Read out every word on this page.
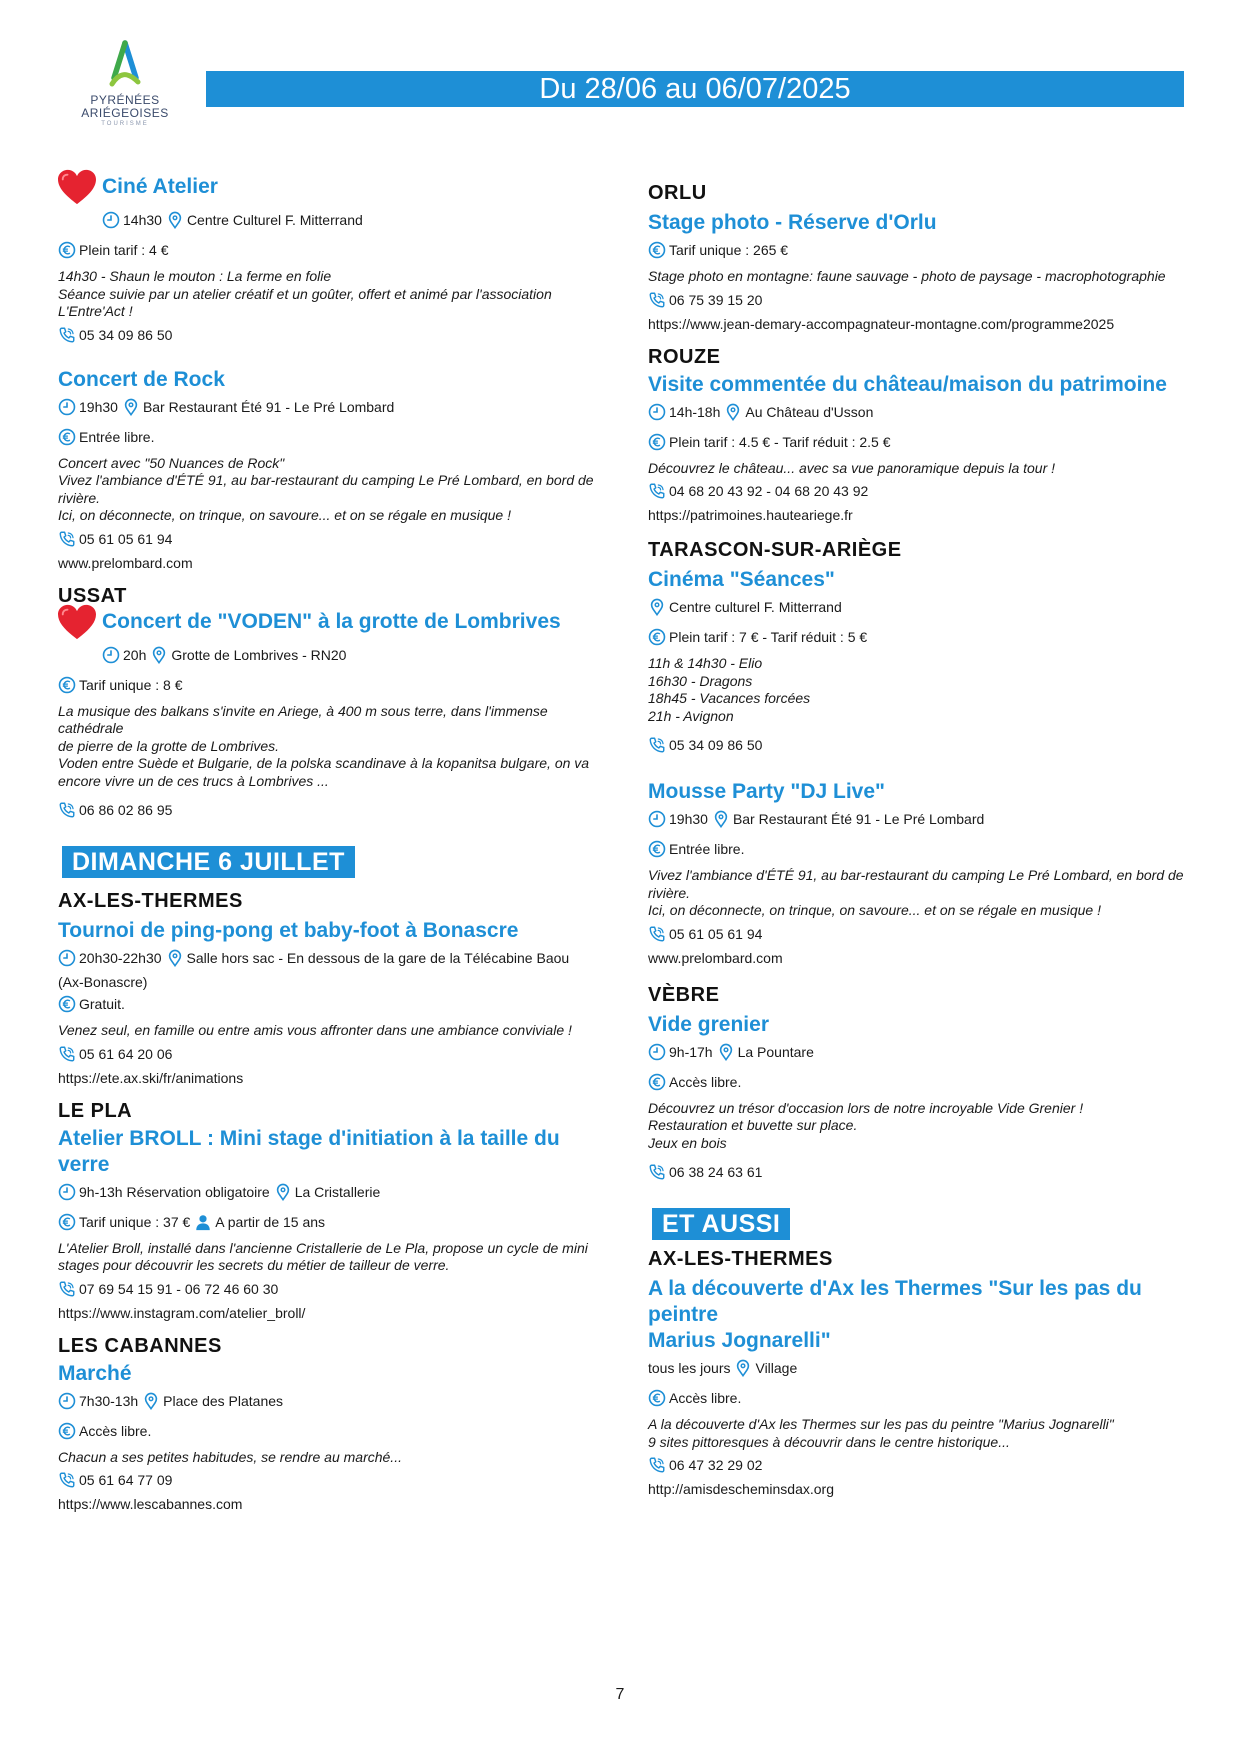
PYRÉNÉES
ARIÉGEOISES
TOURISME
Du 28/06 au 06/07/2025
Ciné Atelier
14h30 Centre Culturel F. Mitterrand
Plein tarif : 4 €
14h30 - Shaun le mouton : La ferme en folie
Séance suivie par un atelier créatif et un goûter, offert et animé par l'association
L'Entre'Act !
05 34 09 86 50
Concert de Rock
19h30 Bar Restaurant Été 91 - Le Pré Lombard
Entrée libre.
Concert avec "50 Nuances de Rock"
Vivez l'ambiance d'ÉTÉ 91, au bar-restaurant du camping Le Pré Lombard, en bord de
rivière.
Ici, on déconnecte, on trinque, on savoure... et on se régale en musique !
05 61 05 61 94
www.prelombard.com
USSAT
Concert de "VODEN" à la grotte de Lombrives
20h Grotte de Lombrives - RN20
Tarif unique : 8 €
La musique des balkans s'invite en Ariege, à 400 m sous terre, dans l'immense cathédrale
de pierre de la grotte de Lombrives.
Voden entre Suède et Bulgarie, de la polska scandinave à la kopanitsa bulgare, on va
encore vivre un de ces trucs à Lombrives ...
06 86 02 86 95
DIMANCHE 6 JUILLET
AX-LES-THERMES
Tournoi de ping-pong et baby-foot à Bonascre
20h30-22h30 Salle hors sac - En dessous de la gare de la Télécabine Baou
(Ax-Bonascre)
Gratuit.
Venez seul, en famille ou entre amis vous affronter dans une ambiance conviviale !
05 61 64 20 06
https://ete.ax.ski/fr/animations
LE PLA
Atelier BROLL : Mini stage d'initiation à la taille du verre
9h-13h Réservation obligatoire La Cristallerie
Tarif unique : 37 € A partir de 15 ans
L'Atelier Broll, installé dans l'ancienne Cristallerie de Le Pla, propose un cycle de mini
stages pour découvrir les secrets du métier de tailleur de verre.
07 69 54 15 91 - 06 72 46 60 30
https://www.instagram.com/atelier_broll/
LES CABANNES
Marché
7h30-13h Place des Platanes
Accès libre.
Chacun a ses petites habitudes, se rendre au marché...
05 61 64 77 09
https://www.lescabannes.com
ORLU
Stage photo - Réserve d'Orlu
Tarif unique : 265 €
Stage photo en montagne: faune sauvage - photo de paysage - macrophotographie
06 75 39 15 20
https://www.jean-demary-accompagnateur-montagne.com/programme2025
ROUZE
Visite commentée du château/maison du patrimoine
14h-18h Au Château d'Usson
Plein tarif : 4.5 € - Tarif réduit : 2.5 €
Découvrez le château... avec sa vue panoramique depuis la tour !
04 68 20 43 92 - 04 68 20 43 92
https://patrimoines.hauteariege.fr
TARASCON-SUR-ARIÈGE
Cinéma "Séances"
Centre culturel F. Mitterrand
Plein tarif : 7 € - Tarif réduit : 5 €
11h & 14h30 - Elio
16h30 - Dragons
18h45 - Vacances forcées
21h - Avignon
05 34 09 86 50
Mousse Party "DJ Live"
19h30 Bar Restaurant Été 91 - Le Pré Lombard
Entrée libre.
Vivez l'ambiance d'ÉTÉ 91, au bar-restaurant du camping Le Pré Lombard, en bord de
rivière.
Ici, on déconnecte, on trinque, on savoure... et on se régale en musique !
05 61 05 61 94
www.prelombard.com
VÈBRE
Vide grenier
9h-17h La Pountare
Accès libre.
Découvrez un trésor d'occasion lors de notre incroyable Vide Grenier !
Restauration et buvette sur place.
Jeux en bois
06 38 24 63 61
ET AUSSI
AX-LES-THERMES
A la découverte d'Ax les Thermes "Sur les pas du peintre
Marius Jognarelli"
tous les jours Village
Accès libre.
A la découverte d'Ax les Thermes sur les pas du peintre "Marius Jognarelli"
9 sites pittoresques à découvrir dans le centre historique...
06 47 32 29 02
http://amisdescheminsdax.org
7
